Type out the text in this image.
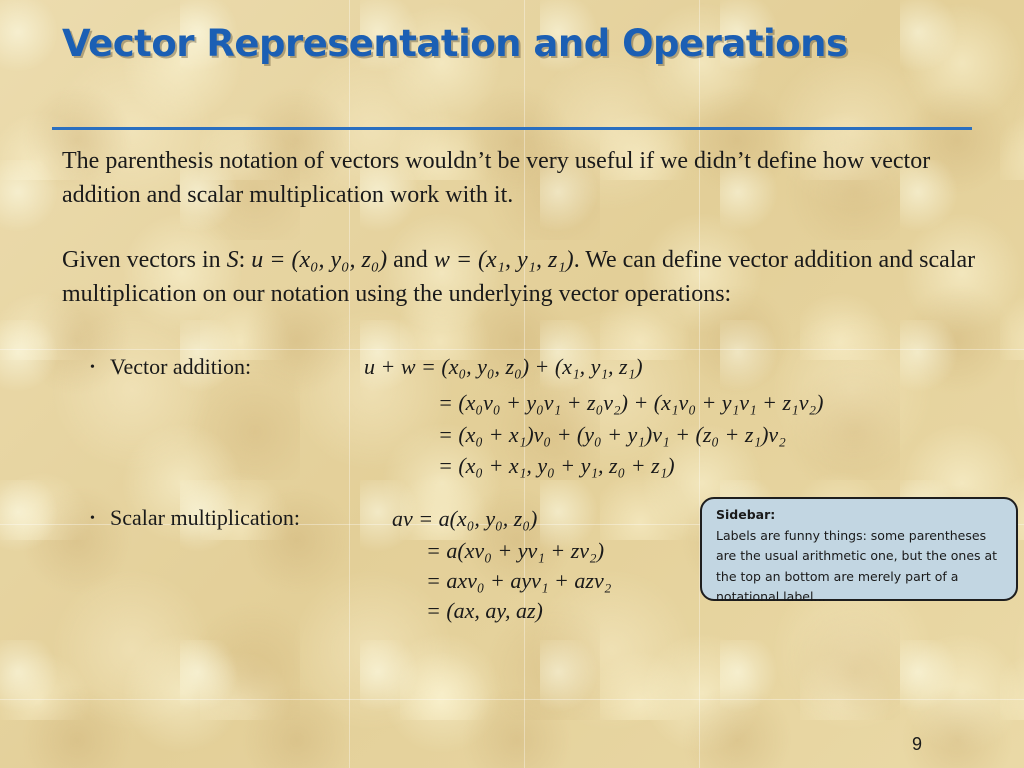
Vector Representation and Operations

The parenthesis notation of vectors wouldn’t be very useful if we didn’t define how vector addition and scalar multiplication work with it.

Given vectors in S: u = (x₀, y₀, z₀) and w = (x₁, y₁, z₁). We can define vector addition and scalar multiplication on our notation using the underlying vector operations:

• Vector addition:	u + w = (x₀, y₀, z₀) + (x₁, y₁, z₁)
= (x₀v₀ + y₀v₁ + z₀v₂) + (x₁v₀ + y₁v₁ + z₁v₂)
= (x₀ + x₁)v₀ + (y₀ + y₁)v₁ + (z₀ + z₁)v₂
= (x₀ + x₁, y₀ + y₁, z₀ + z₁)
• Scalar multiplication:	av = a(x₀, y₀, z₀)
= a(xv₀ + yv₁ + zv₂)
= axv₀ + ayv₁ + azv₂
= (ax, ay, az)
Sidebar:
Labels are funny things: some parentheses are the usual arithmetic one, but the ones at the top an bottom are merely part of a notational label…
9
